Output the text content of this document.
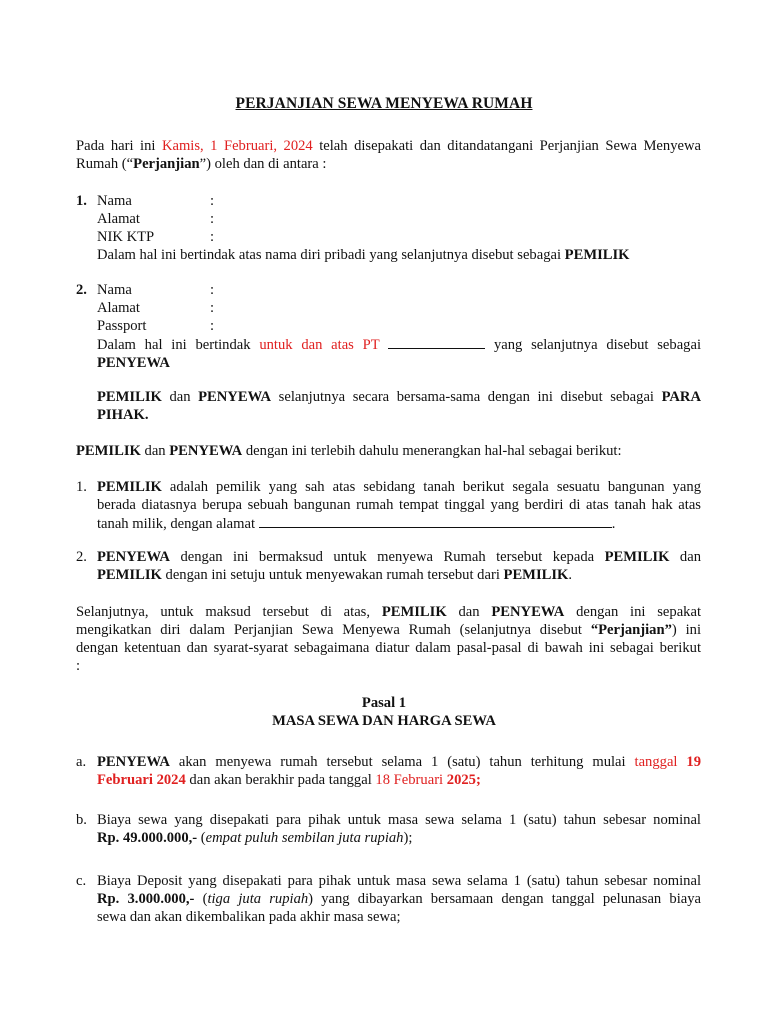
PERJANJIAN SEWA MENYEWA RUMAH
Pada hari ini Kamis, 1 Februari, 2024 telah disepakati dan ditandatangani Perjanjian Sewa Menyewa
Rumah (“Perjanjian”) oleh dan di antara :
1. Nama	:
Alamat	:
NIK KTP	:
Dalam hal ini bertindak atas nama diri pribadi yang selanjutnya disebut sebagai PEMILIK
2. Nama	:
Alamat	:
Passport	:
Dalam hal ini bertindak untuk dan atas PT	yang selanjutnya disebut sebagai
PENYEWA
PEMILIK dan PENYEWA selanjutnya secara bersama-sama dengan ini disebut sebagai PARA
PIHAK.
PEMILIK dan PENYEWA dengan ini terlebih dahulu menerangkan hal-hal sebagai berikut:
1. PEMILIK adalah pemilik yang sah atas sebidang tanah berikut segala sesuatu bangunan yang
berada diatasnya berupa sebuah bangunan rumah tempat tinggal yang berdiri di atas tanah hak atas
tanah milik, dengan alamat	.
2. PENYEWA dengan ini bermaksud untuk menyewa Rumah tersebut kepada PEMILIK dan
PEMILIK dengan ini setuju untuk menyewakan rumah tersebut dari PEMILIK.
Selanjutnya, untuk maksud tersebut di atas, PEMILIK dan PENYEWA dengan ini sepakat
mengikatkan diri dalam Perjanjian Sewa Menyewa Rumah (selanjutnya disebut “Perjanjian”) ini
dengan ketentuan dan syarat-syarat sebagaimana diatur dalam pasal-pasal di bawah ini sebagai berikut
:
Pasal 1
MASA SEWA DAN HARGA SEWA
a. PENYEWA akan menyewa rumah tersebut selama 1 (satu) tahun terhitung mulai tanggal 19
Februari 2024 dan akan berakhir pada tanggal 18 Februari 2025;
b. Biaya sewa yang disepakati para pihak untuk masa sewa selama 1 (satu) tahun sebesar nominal
Rp. 49.000.000,- (empat puluh sembilan juta rupiah);
c. Biaya Deposit yang disepakati para pihak untuk masa sewa selama 1 (satu) tahun sebesar nominal
Rp. 3.000.000,- (tiga juta rupiah) yang dibayarkan bersamaan dengan tanggal pelunasan biaya
sewa dan akan dikembalikan pada akhir masa sewa;
